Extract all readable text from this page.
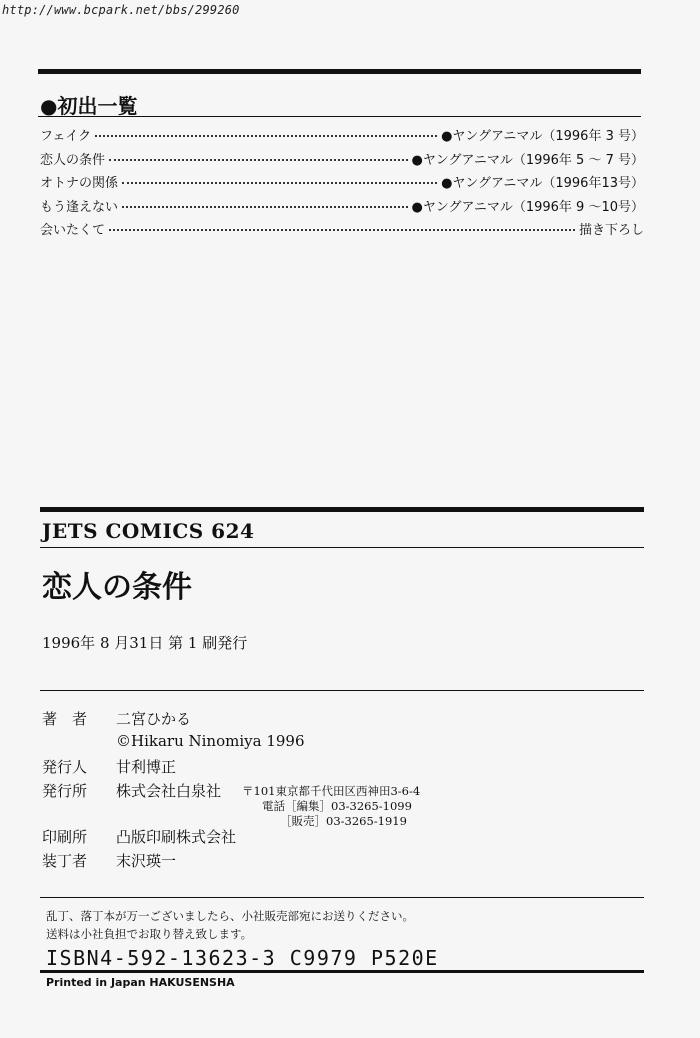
http://www.bcpark.net/bbs/299260
●初出一覧
フェイク	●ヤングアニマル（1996年 3 号）
恋人の条件	●ヤングアニマル（1996年 5 〜 7 号）
オトナの関係	●ヤングアニマル（1996年13号）
もう逢えない	●ヤングアニマル（1996年 9 〜10号）
会いたくて	描き下ろし
JETS COMICS 624
恋人の条件
1996年 8 月31日 第 1 刷発行
著　者	二宮ひかる
©Hikaru Ninomiya 1996
発行人	甘利博正
発行所	株式会社白泉社 〒101東京都千代田区西神田3-6-4
電話［編集］03-3265-1099
［販売］03-3265-1919
印刷所	凸版印刷株式会社
装丁者	末沢瑛一
乱丁、落丁本が万一ございましたら、小社販売部宛にお送りください。
送料は小社負担でお取り替え致します。
ISBN4-592-13623-3 C9979 P520E
Printed in Japan HAKUSENSHA
